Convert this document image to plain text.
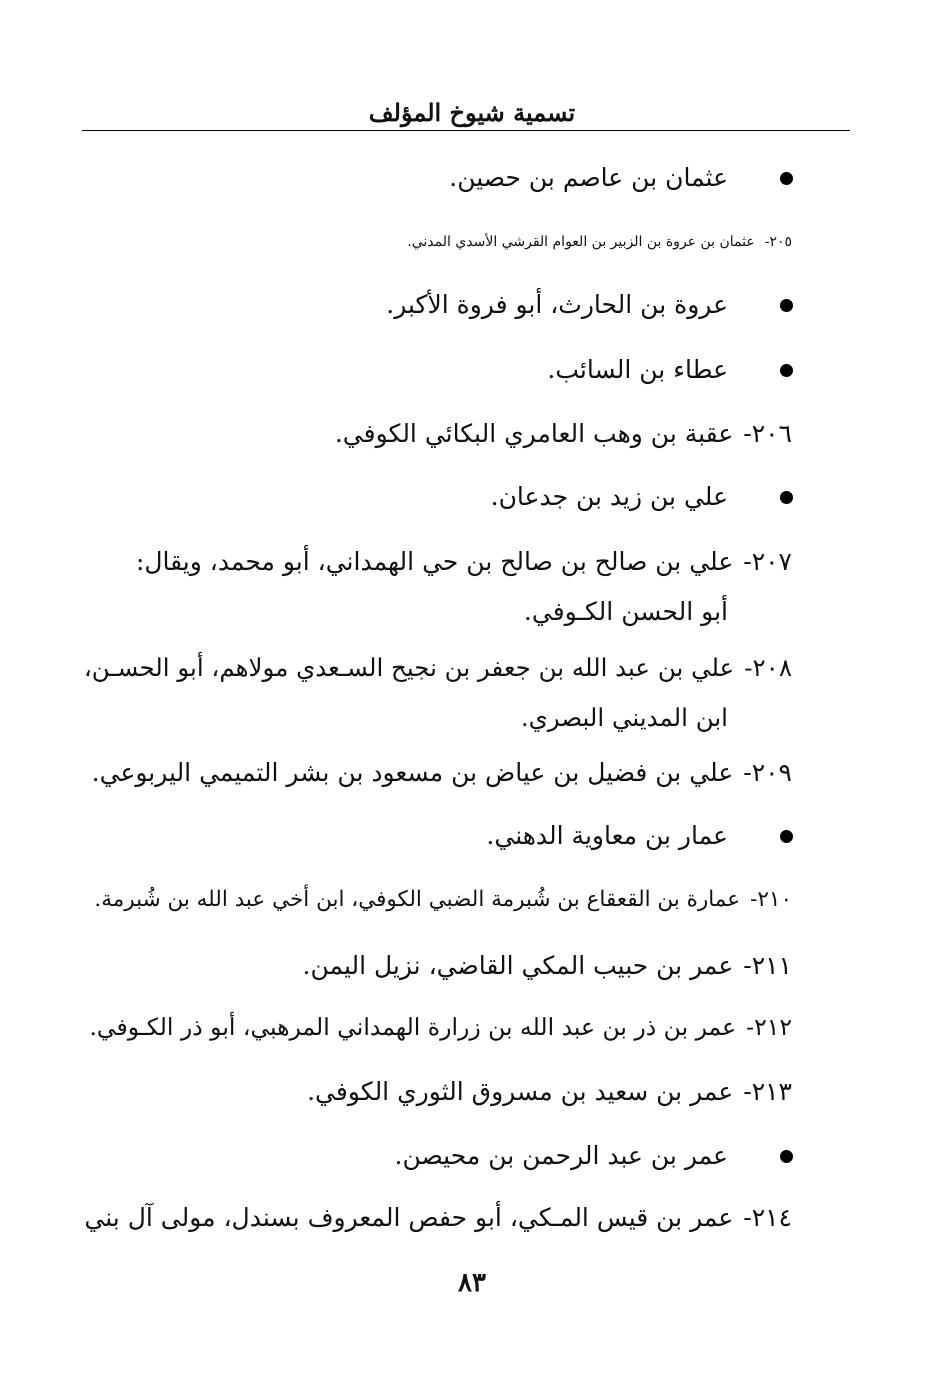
تسمية شيوخ المؤلف
عثمان بن عاصم بن حصين.
٢٠٥-عثمان بن عروة بن الزبير بن العوام القرشي الأسدي المدني.
عروة بن الحارث، أبو فروة الأكبر.
عطاء بن السائب.
٢٠٦-عقبة بن وهب العامري البكائي الكوفي.
علي بن زيد بن جدعان.
٢٠٧-علي بن صالح بن صالح بن حي الهمداني، أبو محمد، ويقال:
أبو الحسن الكـوفي.
٢٠٨-علي بن عبد الله بن جعفر بن نجيح السـعدي مولاهم، أبو الحسـن،
ابن المديني البصري.
٢٠٩-علي بن فضيل بن عياض بن مسعود بن بشر التميمي اليربوعي.
عمار بن معاوية الدهني.
٢١٠-عمارة بن القعقاع بن شُبرمة الضبي الكوفي، ابن أخي عبد الله بن شُبرمة.
٢١١-عمر بن حبيب المكي القاضي، نزيل اليمن.
٢١٢-عمر بن ذر بن عبد الله بن زرارة الهمداني المرهبي، أبو ذر الكـوفي.
٢١٣-عمر بن سعيد بن مسروق الثوري الكوفي.
عمر بن عبد الرحمن بن محيصن.
٢١٤-عمر بن قيس المـكي، أبو حفص المعروف بسندل، مولى آل بني
٨٣
